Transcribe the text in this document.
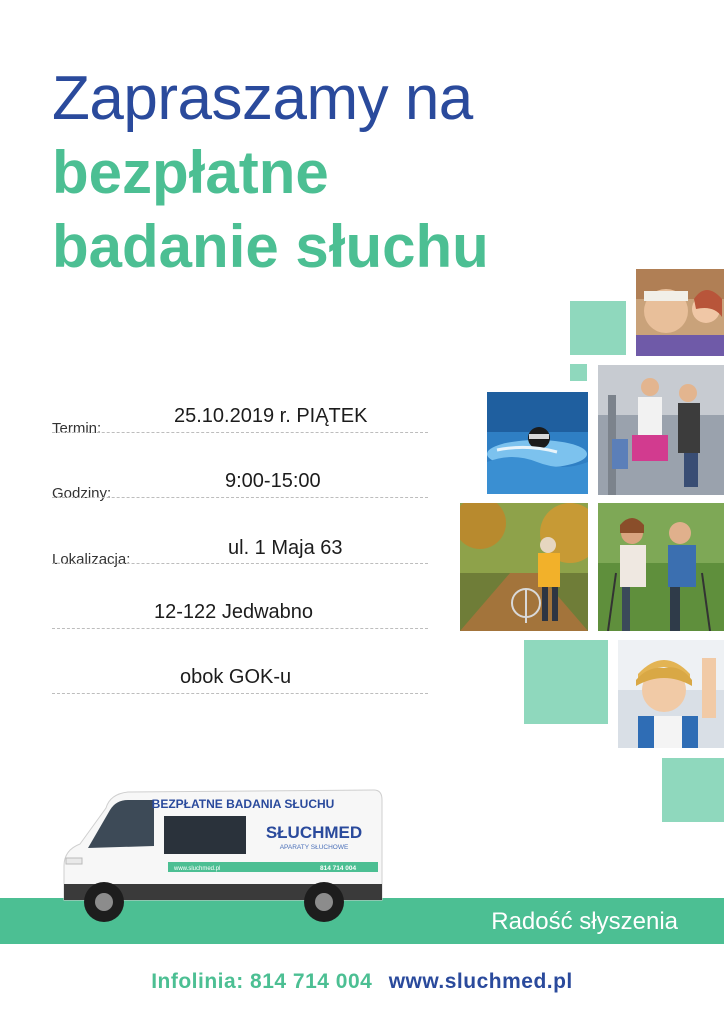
Zapraszamy na
bezpłatne
badanie słuchu
Termin:
25.10.2019 r. PIĄTEK
Godziny:
9:00-15:00
Lokalizacja:
ul. 1 Maja 63
12-122 Jedwabno
obok GOK-u
Radość słyszenia
BEZPŁATNE BADANIA SŁUCHU
SŁUCHMED
APARATY SŁUCHOWE
www.sluchmed.pl	814 714 004
Infolinia: 814 714 004 www.sluchmed.pl
